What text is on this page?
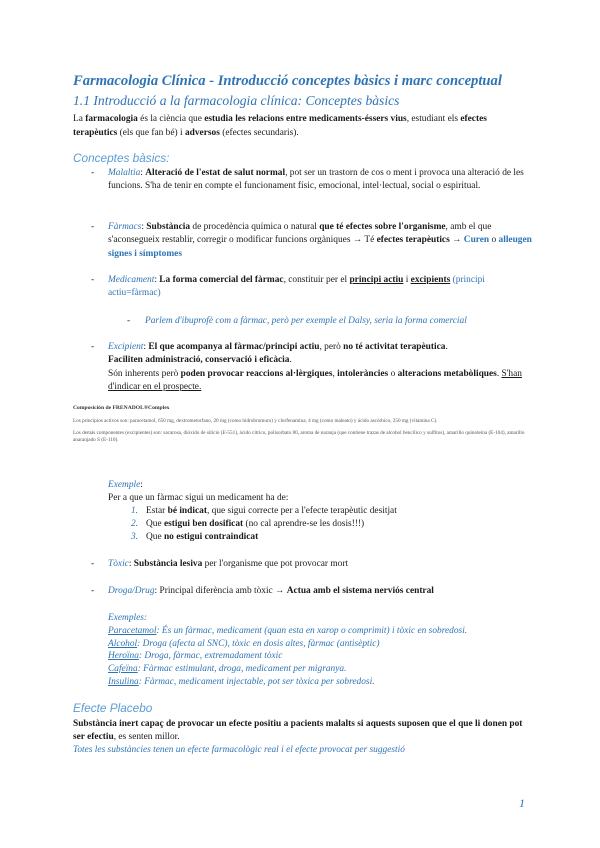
Farmacologia Clínica - Introducció conceptes bàsics i marc conceptual
1.1 Introducció a la farmacologia clínica: Conceptes bàsics
La farmacologia és la ciència que estudia les relacions entre medicaments-éssers vius, estudiant els efectes terapèutics (els que fan bé) i adversos (efectes secundaris).
Conceptes bàsics:
- Malaltia: Alteració de l'estat de salut normal, pot ser un trastorn de cos o ment i provoca una alteració de les funcions. S'ha de tenir en compte el funcionament físic, emocional, intel·lectual, social o espiritual.
- Fàrmacs: Substància de procedència química o natural que té efectes sobre l'organisme, amb el que s'aconsegueix restablir, corregir o modificar funcions orgàniques → Té efectes terapèutics → Curen o alleugen signes i símptomes
- Medicament: La forma comercial del fàrmac, constituir per el principi actiu i excipients (principi actiu=fàrmac)
- Parlem d'ibuprofè com a fàrmac, però per exemple el Dalsy, seria la forma comercial
- Excipient: El que acompanya al fàrmac/principi actiu, però no té activitat terapèutica.
Faciliten administració, conservació i eficàcia.
Són inherents però poden provocar reaccions al·lèrgiques, intoleràncies o alteracions metabòliques. S'han d'indicar en el prospecte.
Composición de FRENADOL®Complex
Los principios activos son: paracetamol, 650 mg, dextrometorfano, 20 mg (como hidrobromuro) y clorfenamina, 4 mg (como maleato) y ácido ascórbico, 250 mg (vitamina C).
Los demás componentes (excipientes) son: sacarosa, dióxido de silicio (E-551), ácido cítrico, polisorbato 80, aroma de naranja (que contiene trazas de alcohol bencílico y sulfitos), amarillo quinoleína (E-104), amarillo anaranjado S (E-110).
Exemple:
Per a que un fàrmac sigui un medicament ha de:
1. Estar bé indicat, que sigui correcte per a l'efecte terapèutic desitjat
2. Que estigui ben dosificat (no cal aprendre-se les dosis!!!)
3. Que no estigui contraindicat
- Tòxic: Substància lesiva per l'organisme que pot provocar mort
- Droga/Drug: Principal diferència amb tòxic → Actua amb el sistema nerviós central
Exemples:
Paracetamol: És un fàrmac, medicament (quan esta en xarop o comprimit) i tòxic en sobredosi.
Alcohol: Droga (afecta al SNC), tòxic en dosis altes, fàrmac (antisèptic)
Heroïna: Droga, fàrmac, extremadament tòxic
Cafeïna: Fàrmac estimulant, droga, medicament per migranya.
Insulina: Fàrmac, medicament injectable, pot ser tòxica per sobredosi.
Efecte Placebo
Substància inert capaç de provocar un efecte positiu a pacients malalts si aquests suposen que el que li donen pot ser efectiu, es senten millor.
Totes les substàncies tenen un efecte farmacològic real i el efecte provocat per suggestió
1
